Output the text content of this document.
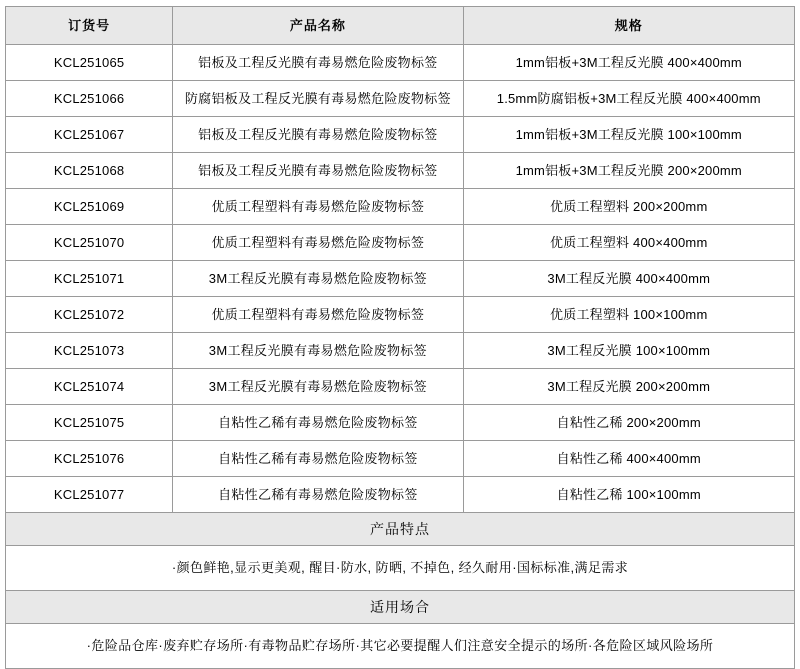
订货号	产品名称	规格
KCL251065	铝板及工程反光膜有毒易燃危险废物标签	1mm铝板+3M工程反光膜 400×400mm
KCL251066	防腐铝板及工程反光膜有毒易燃危险废物标签	1.5mm防腐铝板+3M工程反光膜 400×400mm
KCL251067	铝板及工程反光膜有毒易燃危险废物标签	1mm铝板+3M工程反光膜 100×100mm
KCL251068	铝板及工程反光膜有毒易燃危险废物标签	1mm铝板+3M工程反光膜 200×200mm
KCL251069	优质工程塑料有毒易燃危险废物标签	优质工程塑料 200×200mm
KCL251070	优质工程塑料有毒易燃危险废物标签	优质工程塑料 400×400mm
KCL251071	3M工程反光膜有毒易燃危险废物标签	3M工程反光膜 400×400mm
KCL251072	优质工程塑料有毒易燃危险废物标签	优质工程塑料 100×100mm
KCL251073	3M工程反光膜有毒易燃危险废物标签	3M工程反光膜 100×100mm
KCL251074	3M工程反光膜有毒易燃危险废物标签	3M工程反光膜 200×200mm
KCL251075	自粘性乙稀有毒易燃危险废物标签	自粘性乙稀 200×200mm
KCL251076	自粘性乙稀有毒易燃危险废物标签	自粘性乙稀 400×400mm
KCL251077	自粘性乙稀有毒易燃危险废物标签	自粘性乙稀 100×100mm
产品特点		
·颜色鲜艳,显示更美观, 醒目·防水, 防晒, 不掉色, 经久耐用·国标标准,满足需求		
适用场合		
·危险品仓库·废弃贮存场所·有毒物品贮存场所·其它必要提醒人们注意安全提示的场所·各危险区域风险场所		
